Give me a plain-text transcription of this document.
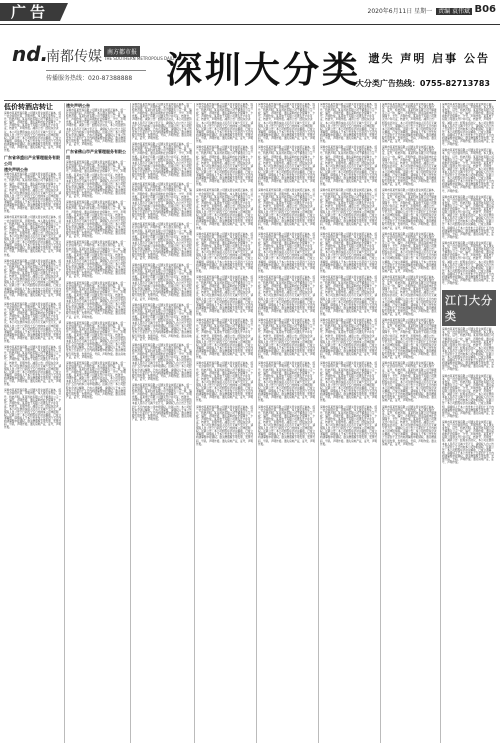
广告	2020年6月11日 星期一 责编 袁伟斌 B06
nd.
南都传媒 南方都市报
THE SOUTHERN METROPOLIS DAILY
传播服务热线：020-87388888 深圳大分类 遗失 声明 启事 公告
大分类广告热线：0755-82713783
低价转酒店转让
深圳市某某贸易有限公司遗失营业执照正副本，统一社会信用代码，声明作废。本人遗失身份证，证号，特此声明。某某科技有限公司不慎遗失公章一枚，编号，声明作废。遗失深圳市社会保障卡，卡号，声明作废。某某电子有限公司遗失开户许可证，核准号，声明作废。减资公告：经股东会决议，本公司注册资本由人民币万元减少至万元，请债权人自公告之日起四十五日内向本公司申报债权。注销公告：本公司经股东会决议解散，已成立清算组，请债权人于本公告发布之日起四十五日内向清算组申报债权。遗失增值税专用发票，发票代码，号码，声明作废。遗失房地产证，证号，声明作废。
广东省华盛出产业管理服务有限公司
遗失声明公告
深圳市某某贸易有限公司遗失营业执照正副本，统一社会信用代码，声明作废。本人遗失身份证，证号，特此声明。某某科技有限公司不慎遗失公章一枚，编号，声明作废。遗失深圳市社会保障卡，卡号，声明作废。某某电子有限公司遗失开户许可证，核准号，声明作废。减资公告：经股东会决议，本公司注册资本由人民币万元减少至万元，请债权人自公告之日起四十五日内向本公司申报债权。注销公告：本公司经股东会决议解散，已成立清算组，请债权人于本公告发布之日起四十五日内向清算组申报债权。遗失增值税专用发票，发票代码，号码，声明作废。遗失房地产证，证号，声明作废。
深圳市某某贸易有限公司遗失营业执照正副本，统一社会信用代码，声明作废。本人遗失身份证，证号，特此声明。某某科技有限公司不慎遗失公章一枚，编号，声明作废。遗失深圳市社会保障卡，卡号，声明作废。某某电子有限公司遗失开户许可证，核准号，声明作废。减资公告：经股东会决议，本公司注册资本由人民币万元减少至万元，请债权人自公告之日起四十五日内向本公司申报债权。注销公告：本公司经股东会决议解散，已成立清算组，请债权人于本公告发布之日起四十五日内向清算组申报债权。遗失增值税专用发票，发票代码，号码，声明作废。遗失房地产证，证号，声明作废。
深圳市某某贸易有限公司遗失营业执照正副本，统一社会信用代码，声明作废。本人遗失身份证，证号，特此声明。某某科技有限公司不慎遗失公章一枚，编号，声明作废。遗失深圳市社会保障卡，卡号，声明作废。某某电子有限公司遗失开户许可证，核准号，声明作废。减资公告：经股东会决议，本公司注册资本由人民币万元减少至万元，请债权人自公告之日起四十五日内向本公司申报债权。注销公告：本公司经股东会决议解散，已成立清算组，请债权人于本公告发布之日起四十五日内向清算组申报债权。遗失增值税专用发票，发票代码，号码，声明作废。遗失房地产证，证号，声明作废。
深圳市某某贸易有限公司遗失营业执照正副本，统一社会信用代码，声明作废。本人遗失身份证，证号，特此声明。某某科技有限公司不慎遗失公章一枚，编号，声明作废。遗失深圳市社会保障卡，卡号，声明作废。某某电子有限公司遗失开户许可证，核准号，声明作废。减资公告：经股东会决议，本公司注册资本由人民币万元减少至万元，请债权人自公告之日起四十五日内向本公司申报债权。注销公告：本公司经股东会决议解散，已成立清算组，请债权人于本公告发布之日起四十五日内向清算组申报债权。遗失增值税专用发票，发票代码，号码，声明作废。遗失房地产证，证号，声明作废。
深圳市某某贸易有限公司遗失营业执照正副本，统一社会信用代码，声明作废。本人遗失身份证，证号，特此声明。某某科技有限公司不慎遗失公章一枚，编号，声明作废。遗失深圳市社会保障卡，卡号，声明作废。某某电子有限公司遗失开户许可证，核准号，声明作废。减资公告：经股东会决议，本公司注册资本由人民币万元减少至万元，请债权人自公告之日起四十五日内向本公司申报债权。注销公告：本公司经股东会决议解散，已成立清算组，请债权人于本公告发布之日起四十五日内向清算组申报债权。遗失增值税专用发票，发票代码，号码，声明作废。遗失房地产证，证号，声明作废。
深圳市某某贸易有限公司遗失营业执照正副本，统一社会信用代码，声明作废。本人遗失身份证，证号，特此声明。某某科技有限公司不慎遗失公章一枚，编号，声明作废。遗失深圳市社会保障卡，卡号，声明作废。某某电子有限公司遗失开户许可证，核准号，声明作废。减资公告：经股东会决议，本公司注册资本由人民币万元减少至万元，请债权人自公告之日起四十五日内向本公司申报债权。注销公告：本公司经股东会决议解散，已成立清算组，请债权人于本公告发布之日起四十五日内向清算组申报债权。遗失增值税专用发票，发票代码，号码，声明作废。遗失房地产证，证号，声明作废。
遗失声明公告
深圳市某某贸易有限公司遗失营业执照正副本，统一社会信用代码，声明作废。本人遗失身份证，证号，特此声明。某某科技有限公司不慎遗失公章一枚，编号，声明作废。遗失深圳市社会保障卡，卡号，声明作废。某某电子有限公司遗失开户许可证，核准号，声明作废。减资公告：经股东会决议，本公司注册资本由人民币万元减少至万元，请债权人自公告之日起四十五日内向本公司申报债权。注销公告：本公司经股东会决议解散，已成立清算组，请债权人于本公告发布之日起四十五日内向清算组申报债权。遗失增值税专用发票，发票代码，号码，声明作废。遗失房地产证，证号，声明作废。
广东省佛山市产业管理服务有限公司
深圳市某某贸易有限公司遗失营业执照正副本，统一社会信用代码，声明作废。本人遗失身份证，证号，特此声明。某某科技有限公司不慎遗失公章一枚，编号，声明作废。遗失深圳市社会保障卡，卡号，声明作废。某某电子有限公司遗失开户许可证，核准号，声明作废。减资公告：经股东会决议，本公司注册资本由人民币万元减少至万元，请债权人自公告之日起四十五日内向本公司申报债权。注销公告：本公司经股东会决议解散，已成立清算组，请债权人于本公告发布之日起四十五日内向清算组申报债权。遗失增值税专用发票，发票代码，号码，声明作废。遗失房地产证，证号，声明作废。
深圳市某某贸易有限公司遗失营业执照正副本，统一社会信用代码，声明作废。本人遗失身份证，证号，特此声明。某某科技有限公司不慎遗失公章一枚，编号，声明作废。遗失深圳市社会保障卡，卡号，声明作废。某某电子有限公司遗失开户许可证，核准号，声明作废。减资公告：经股东会决议，本公司注册资本由人民币万元减少至万元，请债权人自公告之日起四十五日内向本公司申报债权。注销公告：本公司经股东会决议解散，已成立清算组，请债权人于本公告发布之日起四十五日内向清算组申报债权。遗失增值税专用发票，发票代码，号码，声明作废。遗失房地产证，证号，声明作废。
深圳市某某贸易有限公司遗失营业执照正副本，统一社会信用代码，声明作废。本人遗失身份证，证号，特此声明。某某科技有限公司不慎遗失公章一枚，编号，声明作废。遗失深圳市社会保障卡，卡号，声明作废。某某电子有限公司遗失开户许可证，核准号，声明作废。减资公告：经股东会决议，本公司注册资本由人民币万元减少至万元，请债权人自公告之日起四十五日内向本公司申报债权。注销公告：本公司经股东会决议解散，已成立清算组，请债权人于本公告发布之日起四十五日内向清算组申报债权。遗失增值税专用发票，发票代码，号码，声明作废。遗失房地产证，证号，声明作废。
深圳市某某贸易有限公司遗失营业执照正副本，统一社会信用代码，声明作废。本人遗失身份证，证号，特此声明。某某科技有限公司不慎遗失公章一枚，编号，声明作废。遗失深圳市社会保障卡，卡号，声明作废。某某电子有限公司遗失开户许可证，核准号，声明作废。减资公告：经股东会决议，本公司注册资本由人民币万元减少至万元，请债权人自公告之日起四十五日内向本公司申报债权。注销公告：本公司经股东会决议解散，已成立清算组，请债权人于本公告发布之日起四十五日内向清算组申报债权。遗失增值税专用发票，发票代码，号码，声明作废。遗失房地产证，证号，声明作废。
深圳市某某贸易有限公司遗失营业执照正副本，统一社会信用代码，声明作废。本人遗失身份证，证号，特此声明。某某科技有限公司不慎遗失公章一枚，编号，声明作废。遗失深圳市社会保障卡，卡号，声明作废。某某电子有限公司遗失开户许可证，核准号，声明作废。减资公告：经股东会决议，本公司注册资本由人民币万元减少至万元，请债权人自公告之日起四十五日内向本公司申报债权。注销公告：本公司经股东会决议解散，已成立清算组，请债权人于本公告发布之日起四十五日内向清算组申报债权。遗失增值税专用发票，发票代码，号码，声明作废。遗失房地产证，证号，声明作废。
深圳市某某贸易有限公司遗失营业执照正副本，统一社会信用代码，声明作废。本人遗失身份证，证号，特此声明。某某科技有限公司不慎遗失公章一枚，编号，声明作废。遗失深圳市社会保障卡，卡号，声明作废。某某电子有限公司遗失开户许可证，核准号，声明作废。减资公告：经股东会决议，本公司注册资本由人民币万元减少至万元，请债权人自公告之日起四十五日内向本公司申报债权。注销公告：本公司经股东会决议解散，已成立清算组，请债权人于本公告发布之日起四十五日内向清算组申报债权。遗失增值税专用发票，发票代码，号码，声明作废。遗失房地产证，证号，声明作废。
深圳市某某贸易有限公司遗失营业执照正副本，统一社会信用代码，声明作废。本人遗失身份证，证号，特此声明。某某科技有限公司不慎遗失公章一枚，编号，声明作废。遗失深圳市社会保障卡，卡号，声明作废。某某电子有限公司遗失开户许可证，核准号，声明作废。减资公告：经股东会决议，本公司注册资本由人民币万元减少至万元，请债权人自公告之日起四十五日内向本公司申报债权。注销公告：本公司经股东会决议解散，已成立清算组，请债权人于本公告发布之日起四十五日内向清算组申报债权。遗失增值税专用发票，发票代码，号码，声明作废。遗失房地产证，证号，声明作废。
深圳市某某贸易有限公司遗失营业执照正副本，统一社会信用代码，声明作废。本人遗失身份证，证号，特此声明。某某科技有限公司不慎遗失公章一枚，编号，声明作废。遗失深圳市社会保障卡，卡号，声明作废。某某电子有限公司遗失开户许可证，核准号，声明作废。减资公告：经股东会决议，本公司注册资本由人民币万元减少至万元，请债权人自公告之日起四十五日内向本公司申报债权。注销公告：本公司经股东会决议解散，已成立清算组，请债权人于本公告发布之日起四十五日内向清算组申报债权。遗失增值税专用发票，发票代码，号码，声明作废。遗失房地产证，证号，声明作废。
深圳市某某贸易有限公司遗失营业执照正副本，统一社会信用代码，声明作废。本人遗失身份证，证号，特此声明。某某科技有限公司不慎遗失公章一枚，编号，声明作废。遗失深圳市社会保障卡，卡号，声明作废。某某电子有限公司遗失开户许可证，核准号，声明作废。减资公告：经股东会决议，本公司注册资本由人民币万元减少至万元，请债权人自公告之日起四十五日内向本公司申报债权。注销公告：本公司经股东会决议解散，已成立清算组，请债权人于本公告发布之日起四十五日内向清算组申报债权。遗失增值税专用发票，发票代码，号码，声明作废。遗失房地产证，证号，声明作废。
深圳市某某贸易有限公司遗失营业执照正副本，统一社会信用代码，声明作废。本人遗失身份证，证号，特此声明。某某科技有限公司不慎遗失公章一枚，编号，声明作废。遗失深圳市社会保障卡，卡号，声明作废。某某电子有限公司遗失开户许可证，核准号，声明作废。减资公告：经股东会决议，本公司注册资本由人民币万元减少至万元，请债权人自公告之日起四十五日内向本公司申报债权。注销公告：本公司经股东会决议解散，已成立清算组，请债权人于本公告发布之日起四十五日内向清算组申报债权。遗失增值税专用发票，发票代码，号码，声明作废。遗失房地产证，证号，声明作废。
深圳市某某贸易有限公司遗失营业执照正副本，统一社会信用代码，声明作废。本人遗失身份证，证号，特此声明。某某科技有限公司不慎遗失公章一枚，编号，声明作废。遗失深圳市社会保障卡，卡号，声明作废。某某电子有限公司遗失开户许可证，核准号，声明作废。减资公告：经股东会决议，本公司注册资本由人民币万元减少至万元，请债权人自公告之日起四十五日内向本公司申报债权。注销公告：本公司经股东会决议解散，已成立清算组，请债权人于本公告发布之日起四十五日内向清算组申报债权。遗失增值税专用发票，发票代码，号码，声明作废。遗失房地产证，证号，声明作废。
深圳市某某贸易有限公司遗失营业执照正副本，统一社会信用代码，声明作废。本人遗失身份证，证号，特此声明。某某科技有限公司不慎遗失公章一枚，编号，声明作废。遗失深圳市社会保障卡，卡号，声明作废。某某电子有限公司遗失开户许可证，核准号，声明作废。减资公告：经股东会决议，本公司注册资本由人民币万元减少至万元，请债权人自公告之日起四十五日内向本公司申报债权。注销公告：本公司经股东会决议解散，已成立清算组，请债权人于本公告发布之日起四十五日内向清算组申报债权。遗失增值税专用发票，发票代码，号码，声明作废。遗失房地产证，证号，声明作废。
深圳市某某贸易有限公司遗失营业执照正副本，统一社会信用代码，声明作废。本人遗失身份证，证号，特此声明。某某科技有限公司不慎遗失公章一枚，编号，声明作废。遗失深圳市社会保障卡，卡号，声明作废。某某电子有限公司遗失开户许可证，核准号，声明作废。减资公告：经股东会决议，本公司注册资本由人民币万元减少至万元，请债权人自公告之日起四十五日内向本公司申报债权。注销公告：本公司经股东会决议解散，已成立清算组，请债权人于本公告发布之日起四十五日内向清算组申报债权。遗失增值税专用发票，发票代码，号码，声明作废。遗失房地产证，证号，声明作废。
深圳市某某贸易有限公司遗失营业执照正副本，统一社会信用代码，声明作废。本人遗失身份证，证号，特此声明。某某科技有限公司不慎遗失公章一枚，编号，声明作废。遗失深圳市社会保障卡，卡号，声明作废。某某电子有限公司遗失开户许可证，核准号，声明作废。减资公告：经股东会决议，本公司注册资本由人民币万元减少至万元，请债权人自公告之日起四十五日内向本公司申报债权。注销公告：本公司经股东会决议解散，已成立清算组，请债权人于本公告发布之日起四十五日内向清算组申报债权。遗失增值税专用发票，发票代码，号码，声明作废。遗失房地产证，证号，声明作废。
深圳市某某贸易有限公司遗失营业执照正副本，统一社会信用代码，声明作废。本人遗失身份证，证号，特此声明。某某科技有限公司不慎遗失公章一枚，编号，声明作废。遗失深圳市社会保障卡，卡号，声明作废。某某电子有限公司遗失开户许可证，核准号，声明作废。减资公告：经股东会决议，本公司注册资本由人民币万元减少至万元，请债权人自公告之日起四十五日内向本公司申报债权。注销公告：本公司经股东会决议解散，已成立清算组，请债权人于本公告发布之日起四十五日内向清算组申报债权。遗失增值税专用发票，发票代码，号码，声明作废。遗失房地产证，证号，声明作废。
深圳市某某贸易有限公司遗失营业执照正副本，统一社会信用代码，声明作废。本人遗失身份证，证号，特此声明。某某科技有限公司不慎遗失公章一枚，编号，声明作废。遗失深圳市社会保障卡，卡号，声明作废。某某电子有限公司遗失开户许可证，核准号，声明作废。减资公告：经股东会决议，本公司注册资本由人民币万元减少至万元，请债权人自公告之日起四十五日内向本公司申报债权。注销公告：本公司经股东会决议解散，已成立清算组，请债权人于本公告发布之日起四十五日内向清算组申报债权。遗失增值税专用发票，发票代码，号码，声明作废。遗失房地产证，证号，声明作废。
深圳市某某贸易有限公司遗失营业执照正副本，统一社会信用代码，声明作废。本人遗失身份证，证号，特此声明。某某科技有限公司不慎遗失公章一枚，编号，声明作废。遗失深圳市社会保障卡，卡号，声明作废。某某电子有限公司遗失开户许可证，核准号，声明作废。减资公告：经股东会决议，本公司注册资本由人民币万元减少至万元，请债权人自公告之日起四十五日内向本公司申报债权。注销公告：本公司经股东会决议解散，已成立清算组，请债权人于本公告发布之日起四十五日内向清算组申报债权。遗失增值税专用发票，发票代码，号码，声明作废。遗失房地产证，证号，声明作废。
深圳市某某贸易有限公司遗失营业执照正副本，统一社会信用代码，声明作废。本人遗失身份证，证号，特此声明。某某科技有限公司不慎遗失公章一枚，编号，声明作废。遗失深圳市社会保障卡，卡号，声明作废。某某电子有限公司遗失开户许可证，核准号，声明作废。减资公告：经股东会决议，本公司注册资本由人民币万元减少至万元，请债权人自公告之日起四十五日内向本公司申报债权。注销公告：本公司经股东会决议解散，已成立清算组，请债权人于本公告发布之日起四十五日内向清算组申报债权。遗失增值税专用发票，发票代码，号码，声明作废。遗失房地产证，证号，声明作废。
深圳市某某贸易有限公司遗失营业执照正副本，统一社会信用代码，声明作废。本人遗失身份证，证号，特此声明。某某科技有限公司不慎遗失公章一枚，编号，声明作废。遗失深圳市社会保障卡，卡号，声明作废。某某电子有限公司遗失开户许可证，核准号，声明作废。减资公告：经股东会决议，本公司注册资本由人民币万元减少至万元，请债权人自公告之日起四十五日内向本公司申报债权。注销公告：本公司经股东会决议解散，已成立清算组，请债权人于本公告发布之日起四十五日内向清算组申报债权。遗失增值税专用发票，发票代码，号码，声明作废。遗失房地产证，证号，声明作废。
深圳市某某贸易有限公司遗失营业执照正副本，统一社会信用代码，声明作废。本人遗失身份证，证号，特此声明。某某科技有限公司不慎遗失公章一枚，编号，声明作废。遗失深圳市社会保障卡，卡号，声明作废。某某电子有限公司遗失开户许可证，核准号，声明作废。减资公告：经股东会决议，本公司注册资本由人民币万元减少至万元，请债权人自公告之日起四十五日内向本公司申报债权。注销公告：本公司经股东会决议解散，已成立清算组，请债权人于本公告发布之日起四十五日内向清算组申报债权。遗失增值税专用发票，发票代码，号码，声明作废。遗失房地产证，证号，声明作废。
深圳市某某贸易有限公司遗失营业执照正副本，统一社会信用代码，声明作废。本人遗失身份证，证号，特此声明。某某科技有限公司不慎遗失公章一枚，编号，声明作废。遗失深圳市社会保障卡，卡号，声明作废。某某电子有限公司遗失开户许可证，核准号，声明作废。减资公告：经股东会决议，本公司注册资本由人民币万元减少至万元，请债权人自公告之日起四十五日内向本公司申报债权。注销公告：本公司经股东会决议解散，已成立清算组，请债权人于本公告发布之日起四十五日内向清算组申报债权。遗失增值税专用发票，发票代码，号码，声明作废。遗失房地产证，证号，声明作废。
深圳市某某贸易有限公司遗失营业执照正副本，统一社会信用代码，声明作废。本人遗失身份证，证号，特此声明。某某科技有限公司不慎遗失公章一枚，编号，声明作废。遗失深圳市社会保障卡，卡号，声明作废。某某电子有限公司遗失开户许可证，核准号，声明作废。减资公告：经股东会决议，本公司注册资本由人民币万元减少至万元，请债权人自公告之日起四十五日内向本公司申报债权。注销公告：本公司经股东会决议解散，已成立清算组，请债权人于本公告发布之日起四十五日内向清算组申报债权。遗失增值税专用发票，发票代码，号码，声明作废。遗失房地产证，证号，声明作废。
深圳市某某贸易有限公司遗失营业执照正副本，统一社会信用代码，声明作废。本人遗失身份证，证号，特此声明。某某科技有限公司不慎遗失公章一枚，编号，声明作废。遗失深圳市社会保障卡，卡号，声明作废。某某电子有限公司遗失开户许可证，核准号，声明作废。减资公告：经股东会决议，本公司注册资本由人民币万元减少至万元，请债权人自公告之日起四十五日内向本公司申报债权。注销公告：本公司经股东会决议解散，已成立清算组，请债权人于本公告发布之日起四十五日内向清算组申报债权。遗失增值税专用发票，发票代码，号码，声明作废。遗失房地产证，证号，声明作废。
深圳市某某贸易有限公司遗失营业执照正副本，统一社会信用代码，声明作废。本人遗失身份证，证号，特此声明。某某科技有限公司不慎遗失公章一枚，编号，声明作废。遗失深圳市社会保障卡，卡号，声明作废。某某电子有限公司遗失开户许可证，核准号，声明作废。减资公告：经股东会决议，本公司注册资本由人民币万元减少至万元，请债权人自公告之日起四十五日内向本公司申报债权。注销公告：本公司经股东会决议解散，已成立清算组，请债权人于本公告发布之日起四十五日内向清算组申报债权。遗失增值税专用发票，发票代码，号码，声明作废。遗失房地产证，证号，声明作废。
深圳市某某贸易有限公司遗失营业执照正副本，统一社会信用代码，声明作废。本人遗失身份证，证号，特此声明。某某科技有限公司不慎遗失公章一枚，编号，声明作废。遗失深圳市社会保障卡，卡号，声明作废。某某电子有限公司遗失开户许可证，核准号，声明作废。减资公告：经股东会决议，本公司注册资本由人民币万元减少至万元，请债权人自公告之日起四十五日内向本公司申报债权。注销公告：本公司经股东会决议解散，已成立清算组，请债权人于本公告发布之日起四十五日内向清算组申报债权。遗失增值税专用发票，发票代码，号码，声明作废。遗失房地产证，证号，声明作废。
深圳市某某贸易有限公司遗失营业执照正副本，统一社会信用代码，声明作废。本人遗失身份证，证号，特此声明。某某科技有限公司不慎遗失公章一枚，编号，声明作废。遗失深圳市社会保障卡，卡号，声明作废。某某电子有限公司遗失开户许可证，核准号，声明作废。减资公告：经股东会决议，本公司注册资本由人民币万元减少至万元，请债权人自公告之日起四十五日内向本公司申报债权。注销公告：本公司经股东会决议解散，已成立清算组，请债权人于本公告发布之日起四十五日内向清算组申报债权。遗失增值税专用发票，发票代码，号码，声明作废。遗失房地产证，证号，声明作废。
深圳市某某贸易有限公司遗失营业执照正副本，统一社会信用代码，声明作废。本人遗失身份证，证号，特此声明。某某科技有限公司不慎遗失公章一枚，编号，声明作废。遗失深圳市社会保障卡，卡号，声明作废。某某电子有限公司遗失开户许可证，核准号，声明作废。减资公告：经股东会决议，本公司注册资本由人民币万元减少至万元，请债权人自公告之日起四十五日内向本公司申报债权。注销公告：本公司经股东会决议解散，已成立清算组，请债权人于本公告发布之日起四十五日内向清算组申报债权。遗失增值税专用发票，发票代码，号码，声明作废。遗失房地产证，证号，声明作废。
深圳市某某贸易有限公司遗失营业执照正副本，统一社会信用代码，声明作废。本人遗失身份证，证号，特此声明。某某科技有限公司不慎遗失公章一枚，编号，声明作废。遗失深圳市社会保障卡，卡号，声明作废。某某电子有限公司遗失开户许可证，核准号，声明作废。减资公告：经股东会决议，本公司注册资本由人民币万元减少至万元，请债权人自公告之日起四十五日内向本公司申报债权。注销公告：本公司经股东会决议解散，已成立清算组，请债权人于本公告发布之日起四十五日内向清算组申报债权。遗失增值税专用发票，发票代码，号码，声明作废。遗失房地产证，证号，声明作废。
深圳市某某贸易有限公司遗失营业执照正副本，统一社会信用代码，声明作废。本人遗失身份证，证号，特此声明。某某科技有限公司不慎遗失公章一枚，编号，声明作废。遗失深圳市社会保障卡，卡号，声明作废。某某电子有限公司遗失开户许可证，核准号，声明作废。减资公告：经股东会决议，本公司注册资本由人民币万元减少至万元，请债权人自公告之日起四十五日内向本公司申报债权。注销公告：本公司经股东会决议解散，已成立清算组，请债权人于本公告发布之日起四十五日内向清算组申报债权。遗失增值税专用发票，发票代码，号码，声明作废。遗失房地产证，证号，声明作废。
深圳市某某贸易有限公司遗失营业执照正副本，统一社会信用代码，声明作废。本人遗失身份证，证号，特此声明。某某科技有限公司不慎遗失公章一枚，编号，声明作废。遗失深圳市社会保障卡，卡号，声明作废。某某电子有限公司遗失开户许可证，核准号，声明作废。减资公告：经股东会决议，本公司注册资本由人民币万元减少至万元，请债权人自公告之日起四十五日内向本公司申报债权。注销公告：本公司经股东会决议解散，已成立清算组，请债权人于本公告发布之日起四十五日内向清算组申报债权。遗失增值税专用发票，发票代码，号码，声明作废。遗失房地产证，证号，声明作废。
深圳市某某贸易有限公司遗失营业执照正副本，统一社会信用代码，声明作废。本人遗失身份证，证号，特此声明。某某科技有限公司不慎遗失公章一枚，编号，声明作废。遗失深圳市社会保障卡，卡号，声明作废。某某电子有限公司遗失开户许可证，核准号，声明作废。减资公告：经股东会决议，本公司注册资本由人民币万元减少至万元，请债权人自公告之日起四十五日内向本公司申报债权。注销公告：本公司经股东会决议解散，已成立清算组，请债权人于本公告发布之日起四十五日内向清算组申报债权。遗失增值税专用发票，发票代码，号码，声明作废。遗失房地产证，证号，声明作废。
深圳市某某贸易有限公司遗失营业执照正副本，统一社会信用代码，声明作废。本人遗失身份证，证号，特此声明。某某科技有限公司不慎遗失公章一枚，编号，声明作废。遗失深圳市社会保障卡，卡号，声明作废。某某电子有限公司遗失开户许可证，核准号，声明作废。减资公告：经股东会决议，本公司注册资本由人民币万元减少至万元，请债权人自公告之日起四十五日内向本公司申报债权。注销公告：本公司经股东会决议解散，已成立清算组，请债权人于本公告发布之日起四十五日内向清算组申报债权。遗失增值税专用发票，发票代码，号码，声明作废。遗失房地产证，证号，声明作废。
深圳市某某贸易有限公司遗失营业执照正副本，统一社会信用代码，声明作废。本人遗失身份证，证号，特此声明。某某科技有限公司不慎遗失公章一枚，编号，声明作废。遗失深圳市社会保障卡，卡号，声明作废。某某电子有限公司遗失开户许可证，核准号，声明作废。减资公告：经股东会决议，本公司注册资本由人民币万元减少至万元，请债权人自公告之日起四十五日内向本公司申报债权。注销公告：本公司经股东会决议解散，已成立清算组，请债权人于本公告发布之日起四十五日内向清算组申报债权。遗失增值税专用发票，发票代码，号码，声明作废。遗失房地产证，证号，声明作废。
深圳市某某贸易有限公司遗失营业执照正副本，统一社会信用代码，声明作废。本人遗失身份证，证号，特此声明。某某科技有限公司不慎遗失公章一枚，编号，声明作废。遗失深圳市社会保障卡，卡号，声明作废。某某电子有限公司遗失开户许可证，核准号，声明作废。减资公告：经股东会决议，本公司注册资本由人民币万元减少至万元，请债权人自公告之日起四十五日内向本公司申报债权。注销公告：本公司经股东会决议解散，已成立清算组，请债权人于本公告发布之日起四十五日内向清算组申报债权。遗失增值税专用发票，发票代码，号码，声明作废。遗失房地产证，证号，声明作废。
深圳市某某贸易有限公司遗失营业执照正副本，统一社会信用代码，声明作废。本人遗失身份证，证号，特此声明。某某科技有限公司不慎遗失公章一枚，编号，声明作废。遗失深圳市社会保障卡，卡号，声明作废。某某电子有限公司遗失开户许可证，核准号，声明作废。减资公告：经股东会决议，本公司注册资本由人民币万元减少至万元，请债权人自公告之日起四十五日内向本公司申报债权。注销公告：本公司经股东会决议解散，已成立清算组，请债权人于本公告发布之日起四十五日内向清算组申报债权。遗失增值税专用发票，发票代码，号码，声明作废。遗失房地产证，证号，声明作废。
深圳市某某贸易有限公司遗失营业执照正副本，统一社会信用代码，声明作废。本人遗失身份证，证号，特此声明。某某科技有限公司不慎遗失公章一枚，编号，声明作废。遗失深圳市社会保障卡，卡号，声明作废。某某电子有限公司遗失开户许可证，核准号，声明作废。减资公告：经股东会决议，本公司注册资本由人民币万元减少至万元，请债权人自公告之日起四十五日内向本公司申报债权。注销公告：本公司经股东会决议解散，已成立清算组，请债权人于本公告发布之日起四十五日内向清算组申报债权。遗失增值税专用发票，发票代码，号码，声明作废。遗失房地产证，证号，声明作废。
深圳市某某贸易有限公司遗失营业执照正副本，统一社会信用代码，声明作废。本人遗失身份证，证号，特此声明。某某科技有限公司不慎遗失公章一枚，编号，声明作废。遗失深圳市社会保障卡，卡号，声明作废。某某电子有限公司遗失开户许可证，核准号，声明作废。减资公告：经股东会决议，本公司注册资本由人民币万元减少至万元，请债权人自公告之日起四十五日内向本公司申报债权。注销公告：本公司经股东会决议解散，已成立清算组，请债权人于本公告发布之日起四十五日内向清算组申报债权。遗失增值税专用发票，发票代码，号码，声明作废。遗失房地产证，证号，声明作废。
深圳市某某贸易有限公司遗失营业执照正副本，统一社会信用代码，声明作废。本人遗失身份证，证号，特此声明。某某科技有限公司不慎遗失公章一枚，编号，声明作废。遗失深圳市社会保障卡，卡号，声明作废。某某电子有限公司遗失开户许可证，核准号，声明作废。减资公告：经股东会决议，本公司注册资本由人民币万元减少至万元，请债权人自公告之日起四十五日内向本公司申报债权。注销公告：本公司经股东会决议解散，已成立清算组，请债权人于本公告发布之日起四十五日内向清算组申报债权。遗失增值税专用发票，发票代码，号码，声明作废。遗失房地产证，证号，声明作废。
深圳市某某贸易有限公司遗失营业执照正副本，统一社会信用代码，声明作废。本人遗失身份证，证号，特此声明。某某科技有限公司不慎遗失公章一枚，编号，声明作废。遗失深圳市社会保障卡，卡号，声明作废。某某电子有限公司遗失开户许可证，核准号，声明作废。减资公告：经股东会决议，本公司注册资本由人民币万元减少至万元，请债权人自公告之日起四十五日内向本公司申报债权。注销公告：本公司经股东会决议解散，已成立清算组，请债权人于本公告发布之日起四十五日内向清算组申报债权。遗失增值税专用发票，发票代码，号码，声明作废。遗失房地产证，证号，声明作废。
深圳市某某贸易有限公司遗失营业执照正副本，统一社会信用代码，声明作废。本人遗失身份证，证号，特此声明。某某科技有限公司不慎遗失公章一枚，编号，声明作废。遗失深圳市社会保障卡，卡号，声明作废。某某电子有限公司遗失开户许可证，核准号，声明作废。减资公告：经股东会决议，本公司注册资本由人民币万元减少至万元，请债权人自公告之日起四十五日内向本公司申报债权。注销公告：本公司经股东会决议解散，已成立清算组，请债权人于本公告发布之日起四十五日内向清算组申报债权。遗失增值税专用发票，发票代码，号码，声明作废。遗失房地产证，证号，声明作废。
深圳市某某贸易有限公司遗失营业执照正副本，统一社会信用代码，声明作废。本人遗失身份证，证号，特此声明。某某科技有限公司不慎遗失公章一枚，编号，声明作废。遗失深圳市社会保障卡，卡号，声明作废。某某电子有限公司遗失开户许可证，核准号，声明作废。减资公告：经股东会决议，本公司注册资本由人民币万元减少至万元，请债权人自公告之日起四十五日内向本公司申报债权。注销公告：本公司经股东会决议解散，已成立清算组，请债权人于本公告发布之日起四十五日内向清算组申报债权。遗失增值税专用发票，发票代码，号码，声明作废。遗失房地产证，证号，声明作废。
深圳市某某贸易有限公司遗失营业执照正副本，统一社会信用代码，声明作废。本人遗失身份证，证号，特此声明。某某科技有限公司不慎遗失公章一枚，编号，声明作废。遗失深圳市社会保障卡，卡号，声明作废。某某电子有限公司遗失开户许可证，核准号，声明作废。减资公告：经股东会决议，本公司注册资本由人民币万元减少至万元，请债权人自公告之日起四十五日内向本公司申报债权。注销公告：本公司经股东会决议解散，已成立清算组，请债权人于本公告发布之日起四十五日内向清算组申报债权。遗失增值税专用发票，发票代码，号码，声明作废。遗失房地产证，证号，声明作废。
深圳市某某贸易有限公司遗失营业执照正副本，统一社会信用代码，声明作废。本人遗失身份证，证号，特此声明。某某科技有限公司不慎遗失公章一枚，编号，声明作废。遗失深圳市社会保障卡，卡号，声明作废。某某电子有限公司遗失开户许可证，核准号，声明作废。减资公告：经股东会决议，本公司注册资本由人民币万元减少至万元，请债权人自公告之日起四十五日内向本公司申报债权。注销公告：本公司经股东会决议解散，已成立清算组，请债权人于本公告发布之日起四十五日内向清算组申报债权。遗失增值税专用发票，发票代码，号码，声明作废。遗失房地产证，证号，声明作废。
深圳市某某贸易有限公司遗失营业执照正副本，统一社会信用代码，声明作废。本人遗失身份证，证号，特此声明。某某科技有限公司不慎遗失公章一枚，编号，声明作废。遗失深圳市社会保障卡，卡号，声明作废。某某电子有限公司遗失开户许可证，核准号，声明作废。减资公告：经股东会决议，本公司注册资本由人民币万元减少至万元，请债权人自公告之日起四十五日内向本公司申报债权。注销公告：本公司经股东会决议解散，已成立清算组，请债权人于本公告发布之日起四十五日内向清算组申报债权。遗失增值税专用发票，发票代码，号码，声明作废。遗失房地产证，证号，声明作废。
深圳市某某贸易有限公司遗失营业执照正副本，统一社会信用代码，声明作废。本人遗失身份证，证号，特此声明。某某科技有限公司不慎遗失公章一枚，编号，声明作废。遗失深圳市社会保障卡，卡号，声明作废。某某电子有限公司遗失开户许可证，核准号，声明作废。减资公告：经股东会决议，本公司注册资本由人民币万元减少至万元，请债权人自公告之日起四十五日内向本公司申报债权。注销公告：本公司经股东会决议解散，已成立清算组，请债权人于本公告发布之日起四十五日内向清算组申报债权。遗失增值税专用发票，发票代码，号码，声明作废。遗失房地产证，证号，声明作废。
深圳市某某贸易有限公司遗失营业执照正副本，统一社会信用代码，声明作废。本人遗失身份证，证号，特此声明。某某科技有限公司不慎遗失公章一枚，编号，声明作废。遗失深圳市社会保障卡，卡号，声明作废。某某电子有限公司遗失开户许可证，核准号，声明作废。减资公告：经股东会决议，本公司注册资本由人民币万元减少至万元，请债权人自公告之日起四十五日内向本公司申报债权。注销公告：本公司经股东会决议解散，已成立清算组，请债权人于本公告发布之日起四十五日内向清算组申报债权。遗失增值税专用发票，发票代码，号码，声明作废。遗失房地产证，证号，声明作废。
深圳市某某贸易有限公司遗失营业执照正副本，统一社会信用代码，声明作废。本人遗失身份证，证号，特此声明。某某科技有限公司不慎遗失公章一枚，编号，声明作废。遗失深圳市社会保障卡，卡号，声明作废。某某电子有限公司遗失开户许可证，核准号，声明作废。减资公告：经股东会决议，本公司注册资本由人民币万元减少至万元，请债权人自公告之日起四十五日内向本公司申报债权。注销公告：本公司经股东会决议解散，已成立清算组，请债权人于本公告发布之日起四十五日内向清算组申报债权。遗失增值税专用发票，发票代码，号码，声明作废。遗失房地产证，证号，声明作废。
深圳市某某贸易有限公司遗失营业执照正副本，统一社会信用代码，声明作废。本人遗失身份证，证号，特此声明。某某科技有限公司不慎遗失公章一枚，编号，声明作废。遗失深圳市社会保障卡，卡号，声明作废。某某电子有限公司遗失开户许可证，核准号，声明作废。减资公告：经股东会决议，本公司注册资本由人民币万元减少至万元，请债权人自公告之日起四十五日内向本公司申报债权。注销公告：本公司经股东会决议解散，已成立清算组，请债权人于本公告发布之日起四十五日内向清算组申报债权。遗失增值税专用发票，发票代码，号码，声明作废。遗失房地产证，证号，声明作废。
深圳市某某贸易有限公司遗失营业执照正副本，统一社会信用代码，声明作废。本人遗失身份证，证号，特此声明。某某科技有限公司不慎遗失公章一枚，编号，声明作废。遗失深圳市社会保障卡，卡号，声明作废。某某电子有限公司遗失开户许可证，核准号，声明作废。减资公告：经股东会决议，本公司注册资本由人民币万元减少至万元，请债权人自公告之日起四十五日内向本公司申报债权。注销公告：本公司经股东会决议解散，已成立清算组，请债权人于本公告发布之日起四十五日内向清算组申报债权。遗失增值税专用发票，发票代码，号码，声明作废。遗失房地产证，证号，声明作废。
深圳市某某贸易有限公司遗失营业执照正副本，统一社会信用代码，声明作废。本人遗失身份证，证号，特此声明。某某科技有限公司不慎遗失公章一枚，编号，声明作废。遗失深圳市社会保障卡，卡号，声明作废。某某电子有限公司遗失开户许可证，核准号，声明作废。减资公告：经股东会决议，本公司注册资本由人民币万元减少至万元，请债权人自公告之日起四十五日内向本公司申报债权。注销公告：本公司经股东会决议解散，已成立清算组，请债权人于本公告发布之日起四十五日内向清算组申报债权。遗失增值税专用发票，发票代码，号码，声明作废。遗失房地产证，证号，声明作废。
江门大分类
深圳市某某贸易有限公司遗失营业执照正副本，统一社会信用代码，声明作废。本人遗失身份证，证号，特此声明。某某科技有限公司不慎遗失公章一枚，编号，声明作废。遗失深圳市社会保障卡，卡号，声明作废。某某电子有限公司遗失开户许可证，核准号，声明作废。减资公告：经股东会决议，本公司注册资本由人民币万元减少至万元，请债权人自公告之日起四十五日内向本公司申报债权。注销公告：本公司经股东会决议解散，已成立清算组，请债权人于本公告发布之日起四十五日内向清算组申报债权。遗失增值税专用发票，发票代码，号码，声明作废。遗失房地产证，证号，声明作废。
深圳市某某贸易有限公司遗失营业执照正副本，统一社会信用代码，声明作废。本人遗失身份证，证号，特此声明。某某科技有限公司不慎遗失公章一枚，编号，声明作废。遗失深圳市社会保障卡，卡号，声明作废。某某电子有限公司遗失开户许可证，核准号，声明作废。减资公告：经股东会决议，本公司注册资本由人民币万元减少至万元，请债权人自公告之日起四十五日内向本公司申报债权。注销公告：本公司经股东会决议解散，已成立清算组，请债权人于本公告发布之日起四十五日内向清算组申报债权。遗失增值税专用发票，发票代码，号码，声明作废。遗失房地产证，证号，声明作废。
深圳市某某贸易有限公司遗失营业执照正副本，统一社会信用代码，声明作废。本人遗失身份证，证号，特此声明。某某科技有限公司不慎遗失公章一枚，编号，声明作废。遗失深圳市社会保障卡，卡号，声明作废。某某电子有限公司遗失开户许可证，核准号，声明作废。减资公告：经股东会决议，本公司注册资本由人民币万元减少至万元，请债权人自公告之日起四十五日内向本公司申报债权。注销公告：本公司经股东会决议解散，已成立清算组，请债权人于本公告发布之日起四十五日内向清算组申报债权。遗失增值税专用发票，发票代码，号码，声明作废。遗失房地产证，证号，声明作废。
